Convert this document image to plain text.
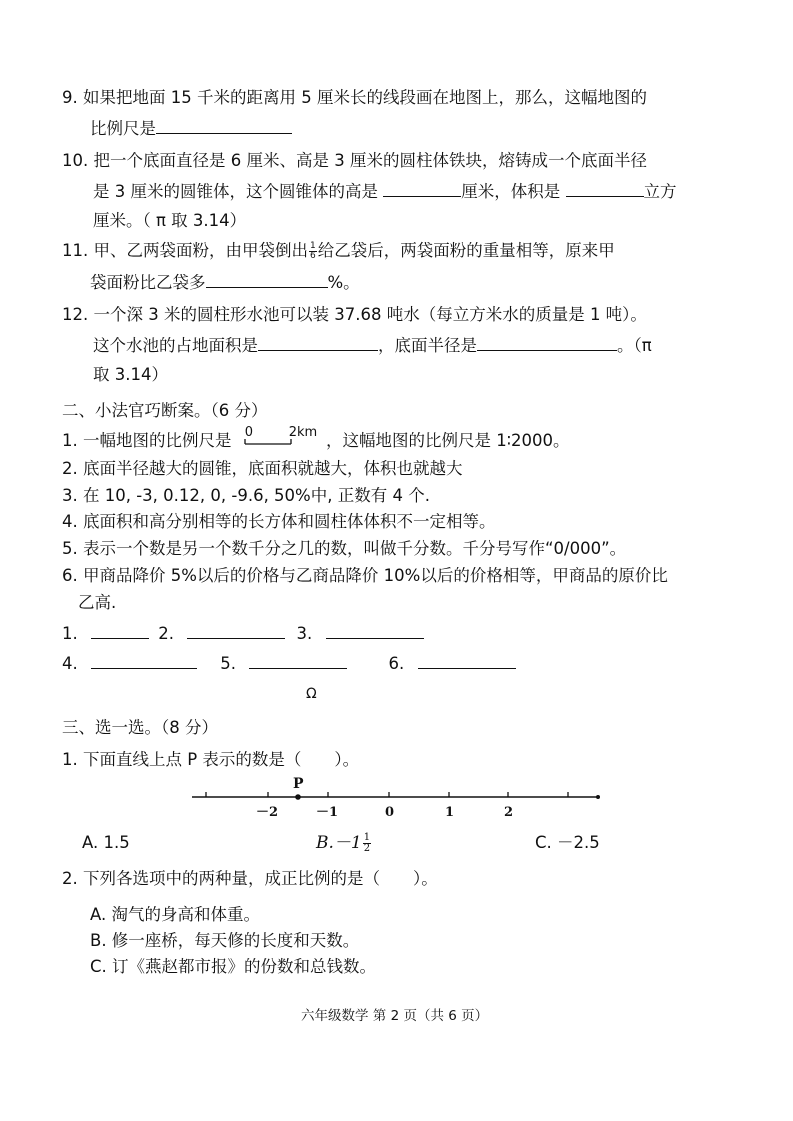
9. 如果把地面 15 千米的距离用 5 厘米长的线段画在地图上，那么，这幅地图的
比例尺是
10. 把一个底面直径是 6 厘米、高是 3 厘米的圆柱体铁块，熔铸成一个底面半径
是 3 厘米的圆锥体，这个圆锥体的高是	厘米，体积是	立方
厘米。（ π 取 3.14）
11. 甲、乙两袋面粉，由甲袋倒出 $\frac{1}{6}$ 给乙袋后，两袋面粉的重量相等，原来甲
袋面粉比乙袋多	%。
12. 一个深 3 米的圆柱形水池可以装 37.68 吨水（每立方米水的质量是 1 吨）。
这个水池的占地面积是	，底面半径是	。（π
取 3.14）
二、小法官巧断案。（6 分）
1. 一幅地图的比例尺是 0	2km ，这幅地图的比例尺是 1∶2000。
2. 底面半径越大的圆锥，底面积就越大，体积也就越大
3. 在 10, -3, 0.12, 0, -9.6, 50%中, 正数有 4 个.
4. 底面积和高分别相等的长方体和圆柱体体积不一定相等。
5. 表示一个数是另一个数千分之几的数，叫做千分数。千分号写作“0/000”。
6. 甲商品降价 5%以后的价格与乙商品降价 10%以后的价格相等，甲商品的原价比
乙高.
1.	2.	3.
4.	5.	6.
Ω
三、选一选。（8 分）
1. 下面直线上点 P 表示的数是（　　）。
P
－2	－1	0	1	2
A. 1.5	$B.-1 \frac{1}{2}$	C. －2.5
2. 下列各选项中的两种量，成正比例的是（　　）。
A. 淘气的身高和体重。
B. 修一座桥，每天修的长度和天数。
C. 订《燕赵都市报》的份数和总钱数。
六年级数学 第 2 页（共 6 页）
